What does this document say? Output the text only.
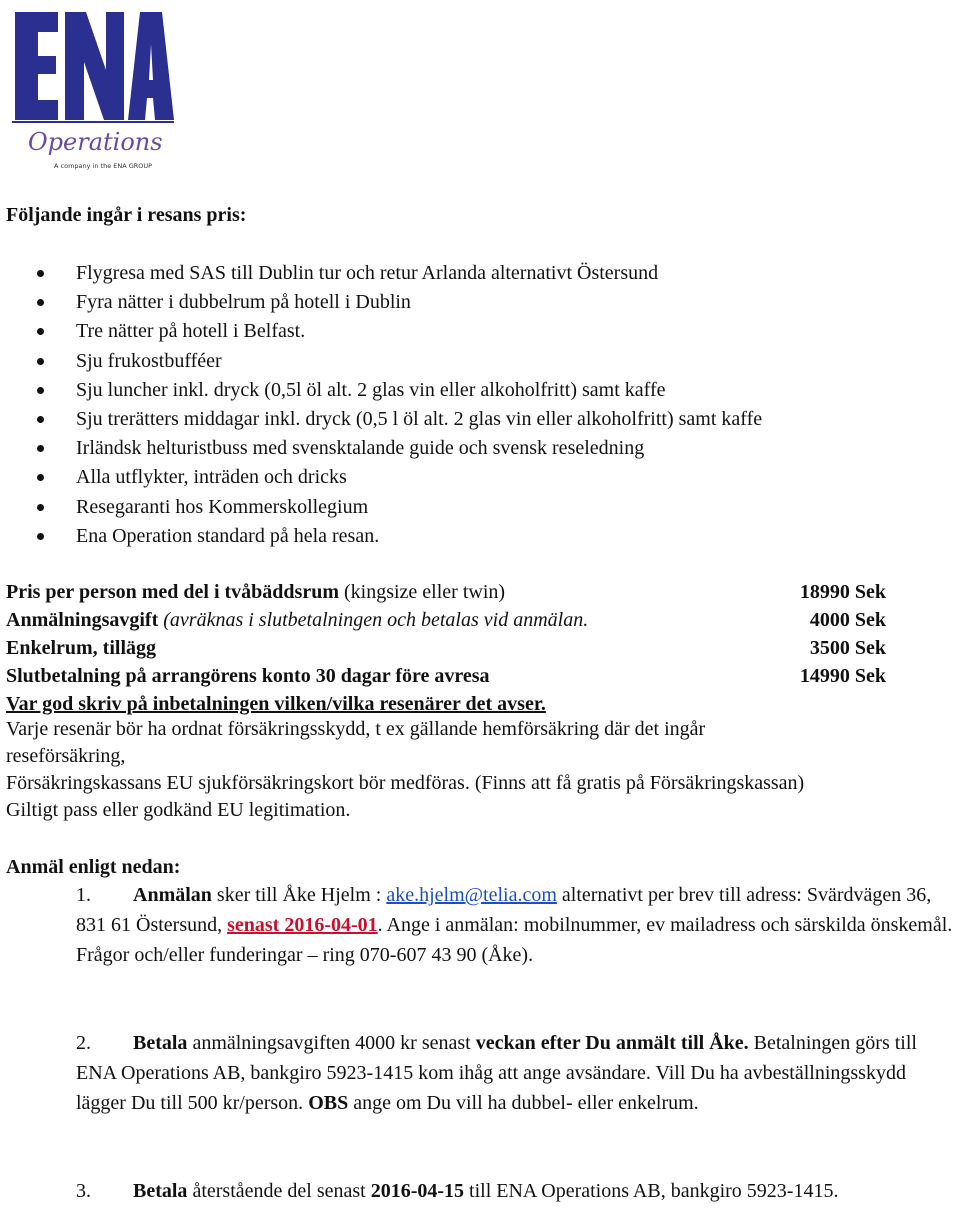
Operations
A company in the ENA GROUP
Följande ingår i resans pris:
Flygresa med SAS till Dublin tur och retur Arlanda alternativt Östersund
Fyra nätter i dubbelrum på hotell i Dublin
Tre nätter på hotell i Belfast.
Sju frukostbufféer
Sju luncher inkl. dryck (0,5l öl alt. 2 glas vin eller alkoholfritt) samt kaffe
Sju trerätters middagar inkl. dryck (0,5 l öl alt. 2 glas vin eller alkoholfritt) samt kaffe
Irländsk helturistbuss med svensktalande guide och svensk reseledning
Alla utflykter, inträden och dricks
Resegaranti hos Kommerskollegium
Ena Operation standard på hela resan.
Pris per person med del i tvåbäddsrum (kingsize eller twin)	18990 Sek
Anmälningsavgift (avräknas i slutbetalningen och betalas vid anmälan.	4000 Sek
Enkelrum, tillägg	3500 Sek
Slutbetalning på arrangörens konto 30 dagar före avresa	14990 Sek
Var god skriv på inbetalningen vilken/vilka resenärer det avser.
Varje resenär bör ha ordnat försäkringsskydd, t ex gällande hemförsäkring där det ingår
reseförsäkring,
Försäkringskassans EU sjukförsäkringskort bör medföras. (Finns att få gratis på Försäkringskassan)
Giltigt pass eller godkänd EU legitimation.
Anmäl enligt nedan:
1.	Anmälan sker till Åke Hjelm : ake.hjelm@telia.com alternativt per brev till adress: Svärdvägen 36, 831 61 Östersund, senast 2016-04-01. Ange i anmälan: mobilnummer, ev mailadress och särskilda önskemål. Frågor och/eller funderingar – ring 070-607 43 90 (Åke).
2.	Betala anmälningsavgiften 4000 kr senast veckan efter Du anmält till Åke. Betalningen görs till ENA Operations AB, bankgiro 5923-1415 kom ihåg att ange avsändare. Vill Du ha avbeställningsskydd lägger Du till 500 kr/person. OBS ange om Du vill ha dubbel- eller enkelrum.
3.	Betala återstående del senast 2016-04-15 till ENA Operations AB, bankgiro 5923-1415.
